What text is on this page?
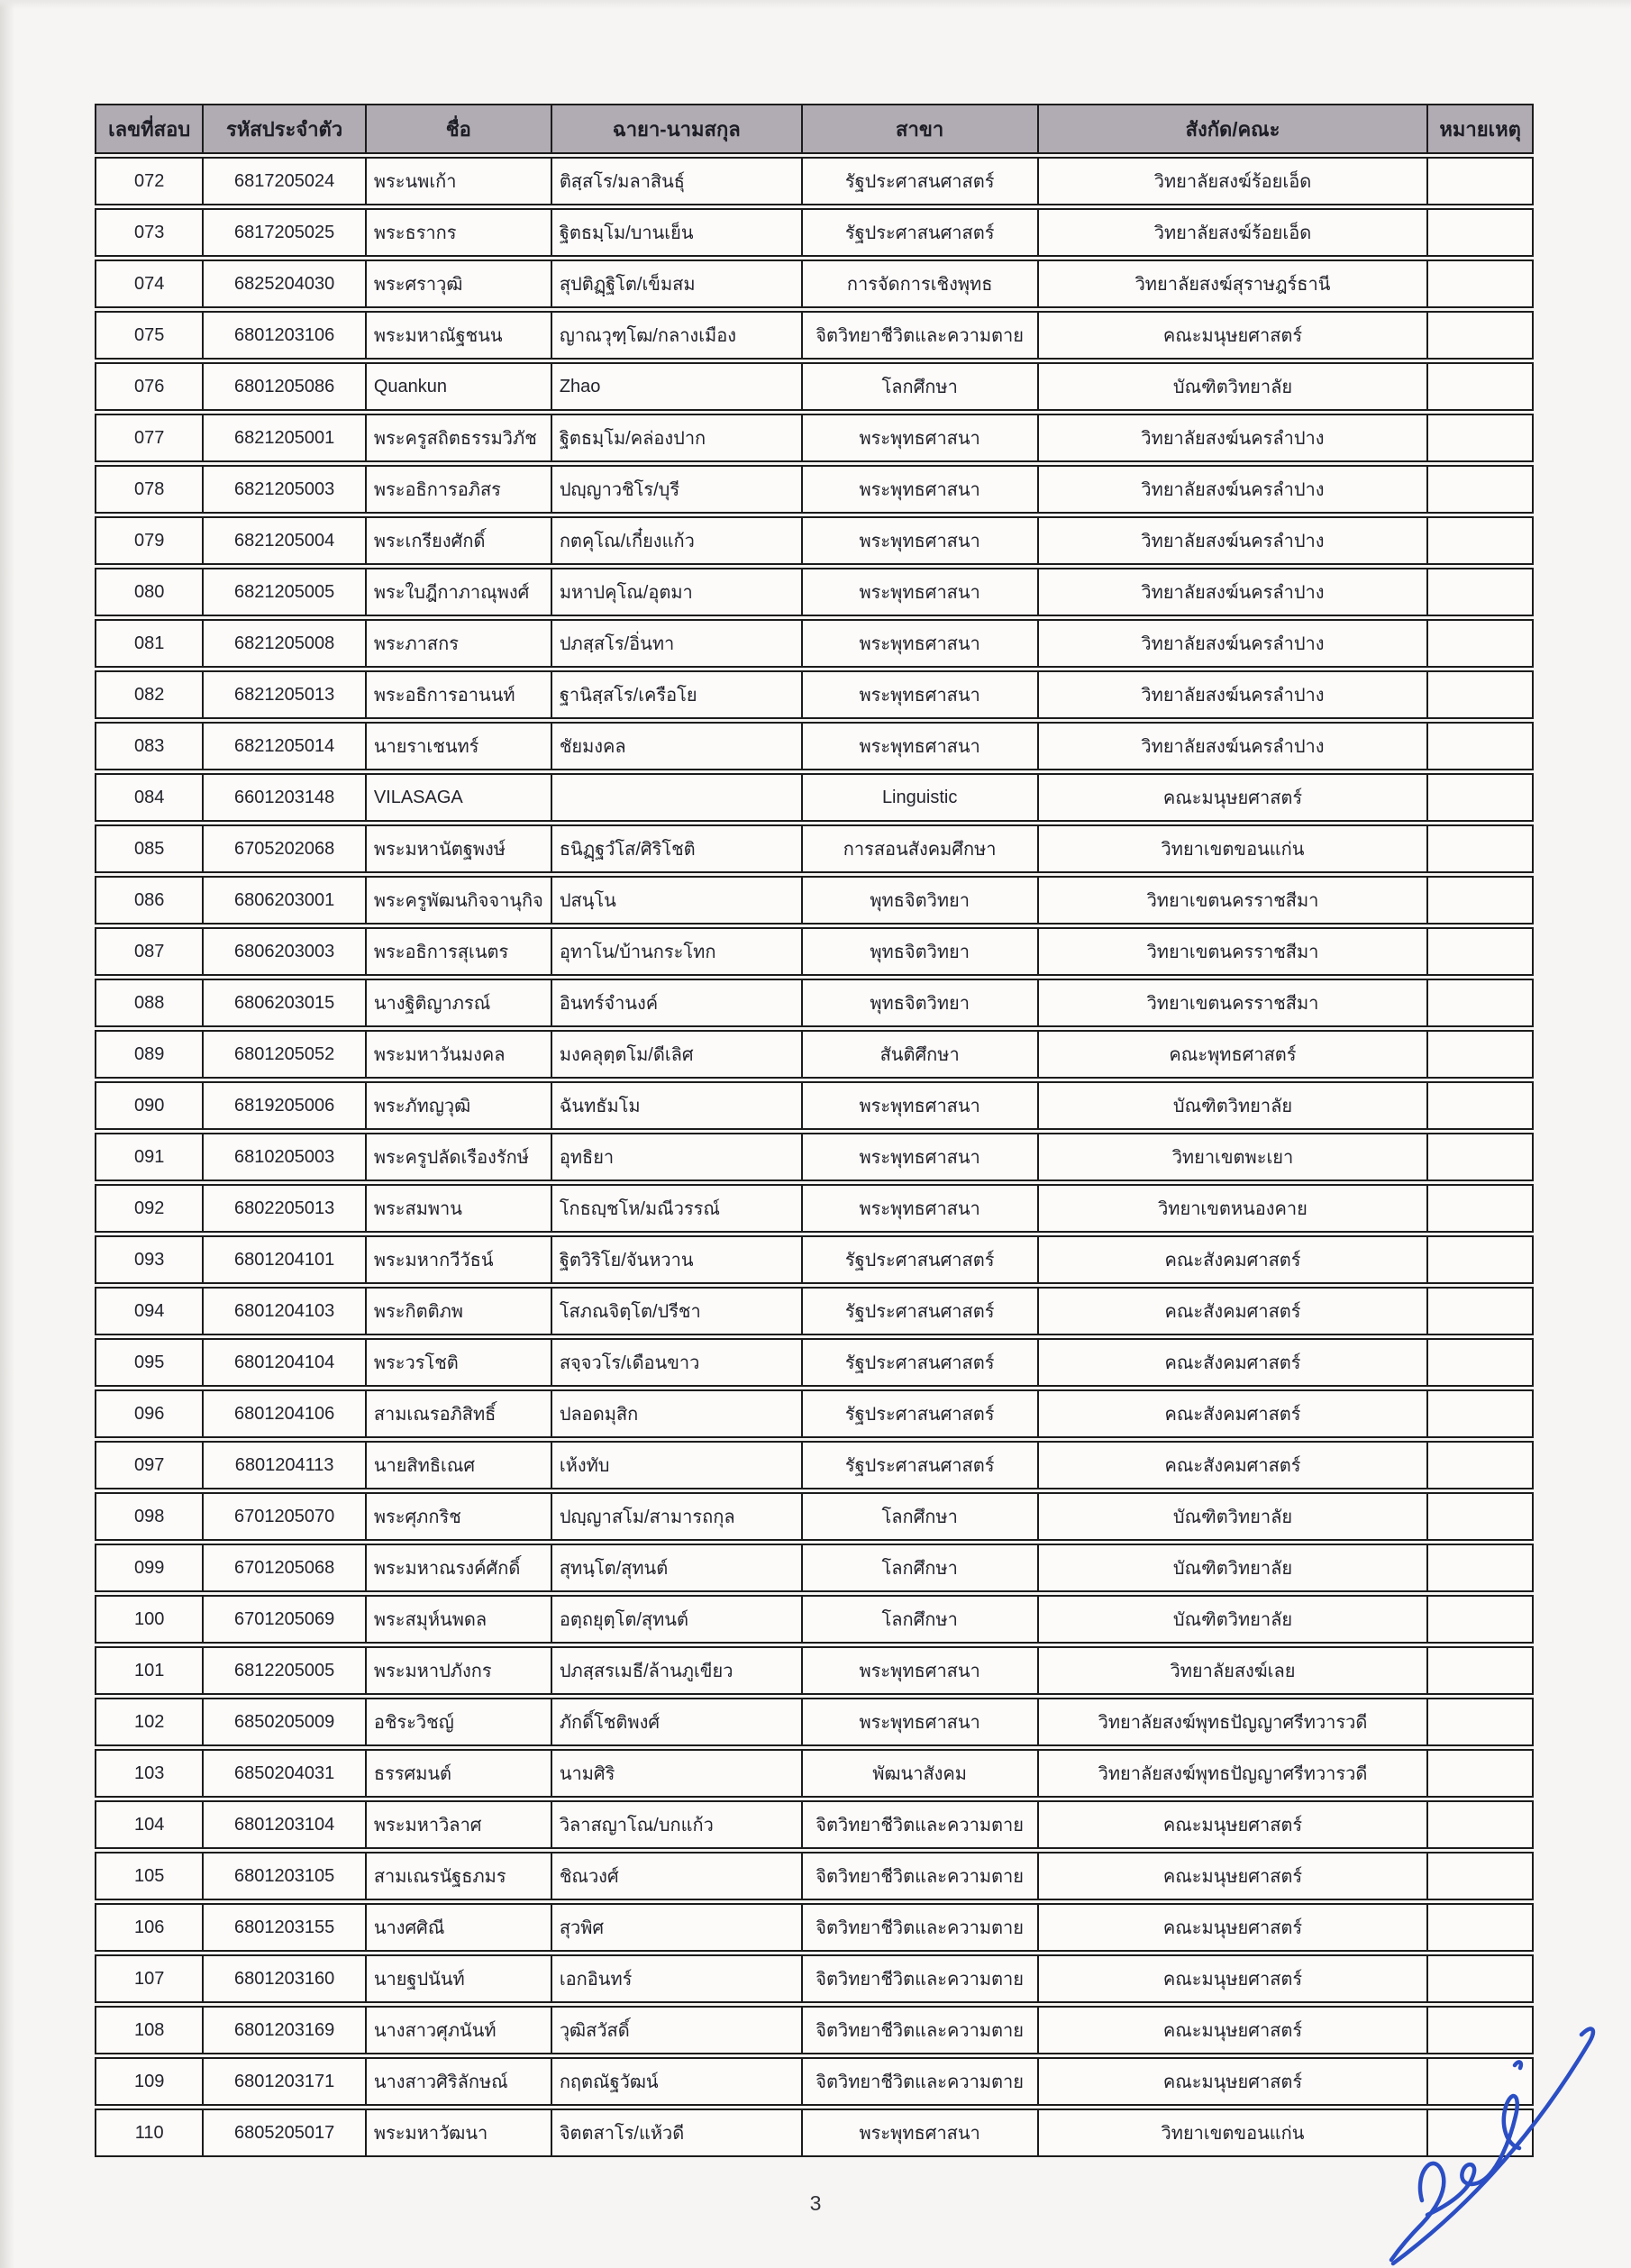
เลขที่สอบ	รหัสประจำตัว	ชื่อ	ฉายา-นามสกุล	สาขา	สังกัด/คณะ	หมายเหตุ
072	6817205024	พระนพเก้า	ติสฺสโร/มลาสินธุ์	รัฐประศาสนศาสตร์	วิทยาลัยสงฆ์ร้อยเอ็ด	
073	6817205025	พระธรากร	ฐิตธมฺโม/บานเย็น	รัฐประศาสนศาสตร์	วิทยาลัยสงฆ์ร้อยเอ็ด	
074	6825204030	พระศราวุฒิ	สุปติฏฺฐิโต/เข็มสม	การจัดการเชิงพุทธ	วิทยาลัยสงฆ์สุราษฎร์ธานี	
075	6801203106	พระมหาณัฐชนน	ญาณวุฑฺโฒ/กลางเมือง	จิตวิทยาชีวิตและความตาย	คณะมนุษยศาสตร์	
076	6801205086	Quankun	Zhao	โลกศึกษา	บัณฑิตวิทยาลัย	
077	6821205001	พระครูสถิตธรรมวิภัช	ฐิตธมฺโม/คล่องปาก	พระพุทธศาสนา	วิทยาลัยสงฆ์นครลำปาง	
078	6821205003	พระอธิการอภิสร	ปญฺญาวชิโร/บุรี	พระพุทธศาสนา	วิทยาลัยสงฆ์นครลำปาง	
079	6821205004	พระเกรียงศักดิ์	กตคุโณ/เกี๋ยงแก้ว	พระพุทธศาสนา	วิทยาลัยสงฆ์นครลำปาง	
080	6821205005	พระใบฎีกาภาณุพงศ์	มหาปคุโณ/อุตมา	พระพุทธศาสนา	วิทยาลัยสงฆ์นครลำปาง	
081	6821205008	พระภาสกร	ปภสฺสโร/อิ่นทา	พระพุทธศาสนา	วิทยาลัยสงฆ์นครลำปาง	
082	6821205013	พระอธิการอานนท์	ฐานิสฺสโร/เครือโย	พระพุทธศาสนา	วิทยาลัยสงฆ์นครลำปาง	
083	6821205014	นายราเชนทร์	ชัยมงคล	พระพุทธศาสนา	วิทยาลัยสงฆ์นครลำปาง	
084	6601203148	VILASAGA		Linguistic	คณะมนุษยศาสตร์	
085	6705202068	พระมหานัตฐพงษ์	ธนิฏฺฐวํโส/ศิริโชติ	การสอนสังคมศึกษา	วิทยาเขตขอนแก่น	
086	6806203001	พระครูพัฒนกิจจานุกิจ	ปสนฺโน	พุทธจิตวิทยา	วิทยาเขตนครราชสีมา	
087	6806203003	พระอธิการสุเนตร	อุทาโน/บ้านกระโทก	พุทธจิตวิทยา	วิทยาเขตนครราชสีมา	
088	6806203015	นางฐิติญาภรณ์	อินทร์จำนงค์	พุทธจิตวิทยา	วิทยาเขตนครราชสีมา	
089	6801205052	พระมหาวันมงคล	มงคลุตฺตโม/ดีเลิศ	สันติศึกษา	คณะพุทธศาสตร์	
090	6819205006	พระภัทญวุฒิ	ฉันทธัมโม	พระพุทธศาสนา	บัณฑิตวิทยาลัย	
091	6810205003	พระครูปลัดเรืองรักษ์	อุทธิยา	พระพุทธศาสนา	วิทยาเขตพะเยา	
092	6802205013	พระสมพาน	โกธญฺชโห/มณีวรรณ์	พระพุทธศาสนา	วิทยาเขตหนองคาย	
093	6801204101	พระมหากวีวัธน์	ฐิตวิริโย/จันหวาน	รัฐประศาสนศาสตร์	คณะสังคมศาสตร์	
094	6801204103	พระกิตติภพ	โสภณจิตฺโต/ปรีชา	รัฐประศาสนศาสตร์	คณะสังคมศาสตร์	
095	6801204104	พระวรโชติ	สจฺจวโร/เดือนขาว	รัฐประศาสนศาสตร์	คณะสังคมศาสตร์	
096	6801204106	สามเณรอภิสิทธิ์	ปลอดมุสิก	รัฐประศาสนศาสตร์	คณะสังคมศาสตร์	
097	6801204113	นายสิทธิเณศ	เห้งทับ	รัฐประศาสนศาสตร์	คณะสังคมศาสตร์	
098	6701205070	พระศุภกริช	ปญฺญาสโม/สามารถกุล	โลกศึกษา	บัณฑิตวิทยาลัย	
099	6701205068	พระมหาณรงค์ศักดิ์	สุทนฺโต/สุทนต์	โลกศึกษา	บัณฑิตวิทยาลัย	
100	6701205069	พระสมุห์นพดล	อตฺถยุตฺโต/สุทนต์	โลกศึกษา	บัณฑิตวิทยาลัย	
101	6812205005	พระมหาปภังกร	ปภสฺสรเมธี/ล้านภูเขียว	พระพุทธศาสนา	วิทยาลัยสงฆ์เลย	
102	6850205009	อชิระวิชญ์	ภักดิ์โชติพงศ์	พระพุทธศาสนา	วิทยาลัยสงฆ์พุทธปัญญาศรีทวารวดี	
103	6850204031	ธรรศมนต์	นามศิริ	พัฒนาสังคม	วิทยาลัยสงฆ์พุทธปัญญาศรีทวารวดี	
104	6801203104	พระมหาวิลาศ	วิลาสญาโณ/บกแก้ว	จิตวิทยาชีวิตและความตาย	คณะมนุษยศาสตร์	
105	6801203105	สามเณรนัฐธภมร	ชิณวงศ์	จิตวิทยาชีวิตและความตาย	คณะมนุษยศาสตร์	
106	6801203155	นางศศิณี	สุวพิศ	จิตวิทยาชีวิตและความตาย	คณะมนุษยศาสตร์	
107	6801203160	นายฐปนันท์	เอกอินทร์	จิตวิทยาชีวิตและความตาย	คณะมนุษยศาสตร์	
108	6801203169	นางสาวศุภนันท์	วุฒิสวัสดิ์	จิตวิทยาชีวิตและความตาย	คณะมนุษยศาสตร์	
109	6801203171	นางสาวศิริลักษณ์	กฤตณัฐวัฒน์	จิตวิทยาชีวิตและความตาย	คณะมนุษยศาสตร์	
110	6805205017	พระมหาวัฒนา	จิตตสาโร/แห้วดี	พระพุทธศาสนา	วิทยาเขตขอนแก่น	
3
